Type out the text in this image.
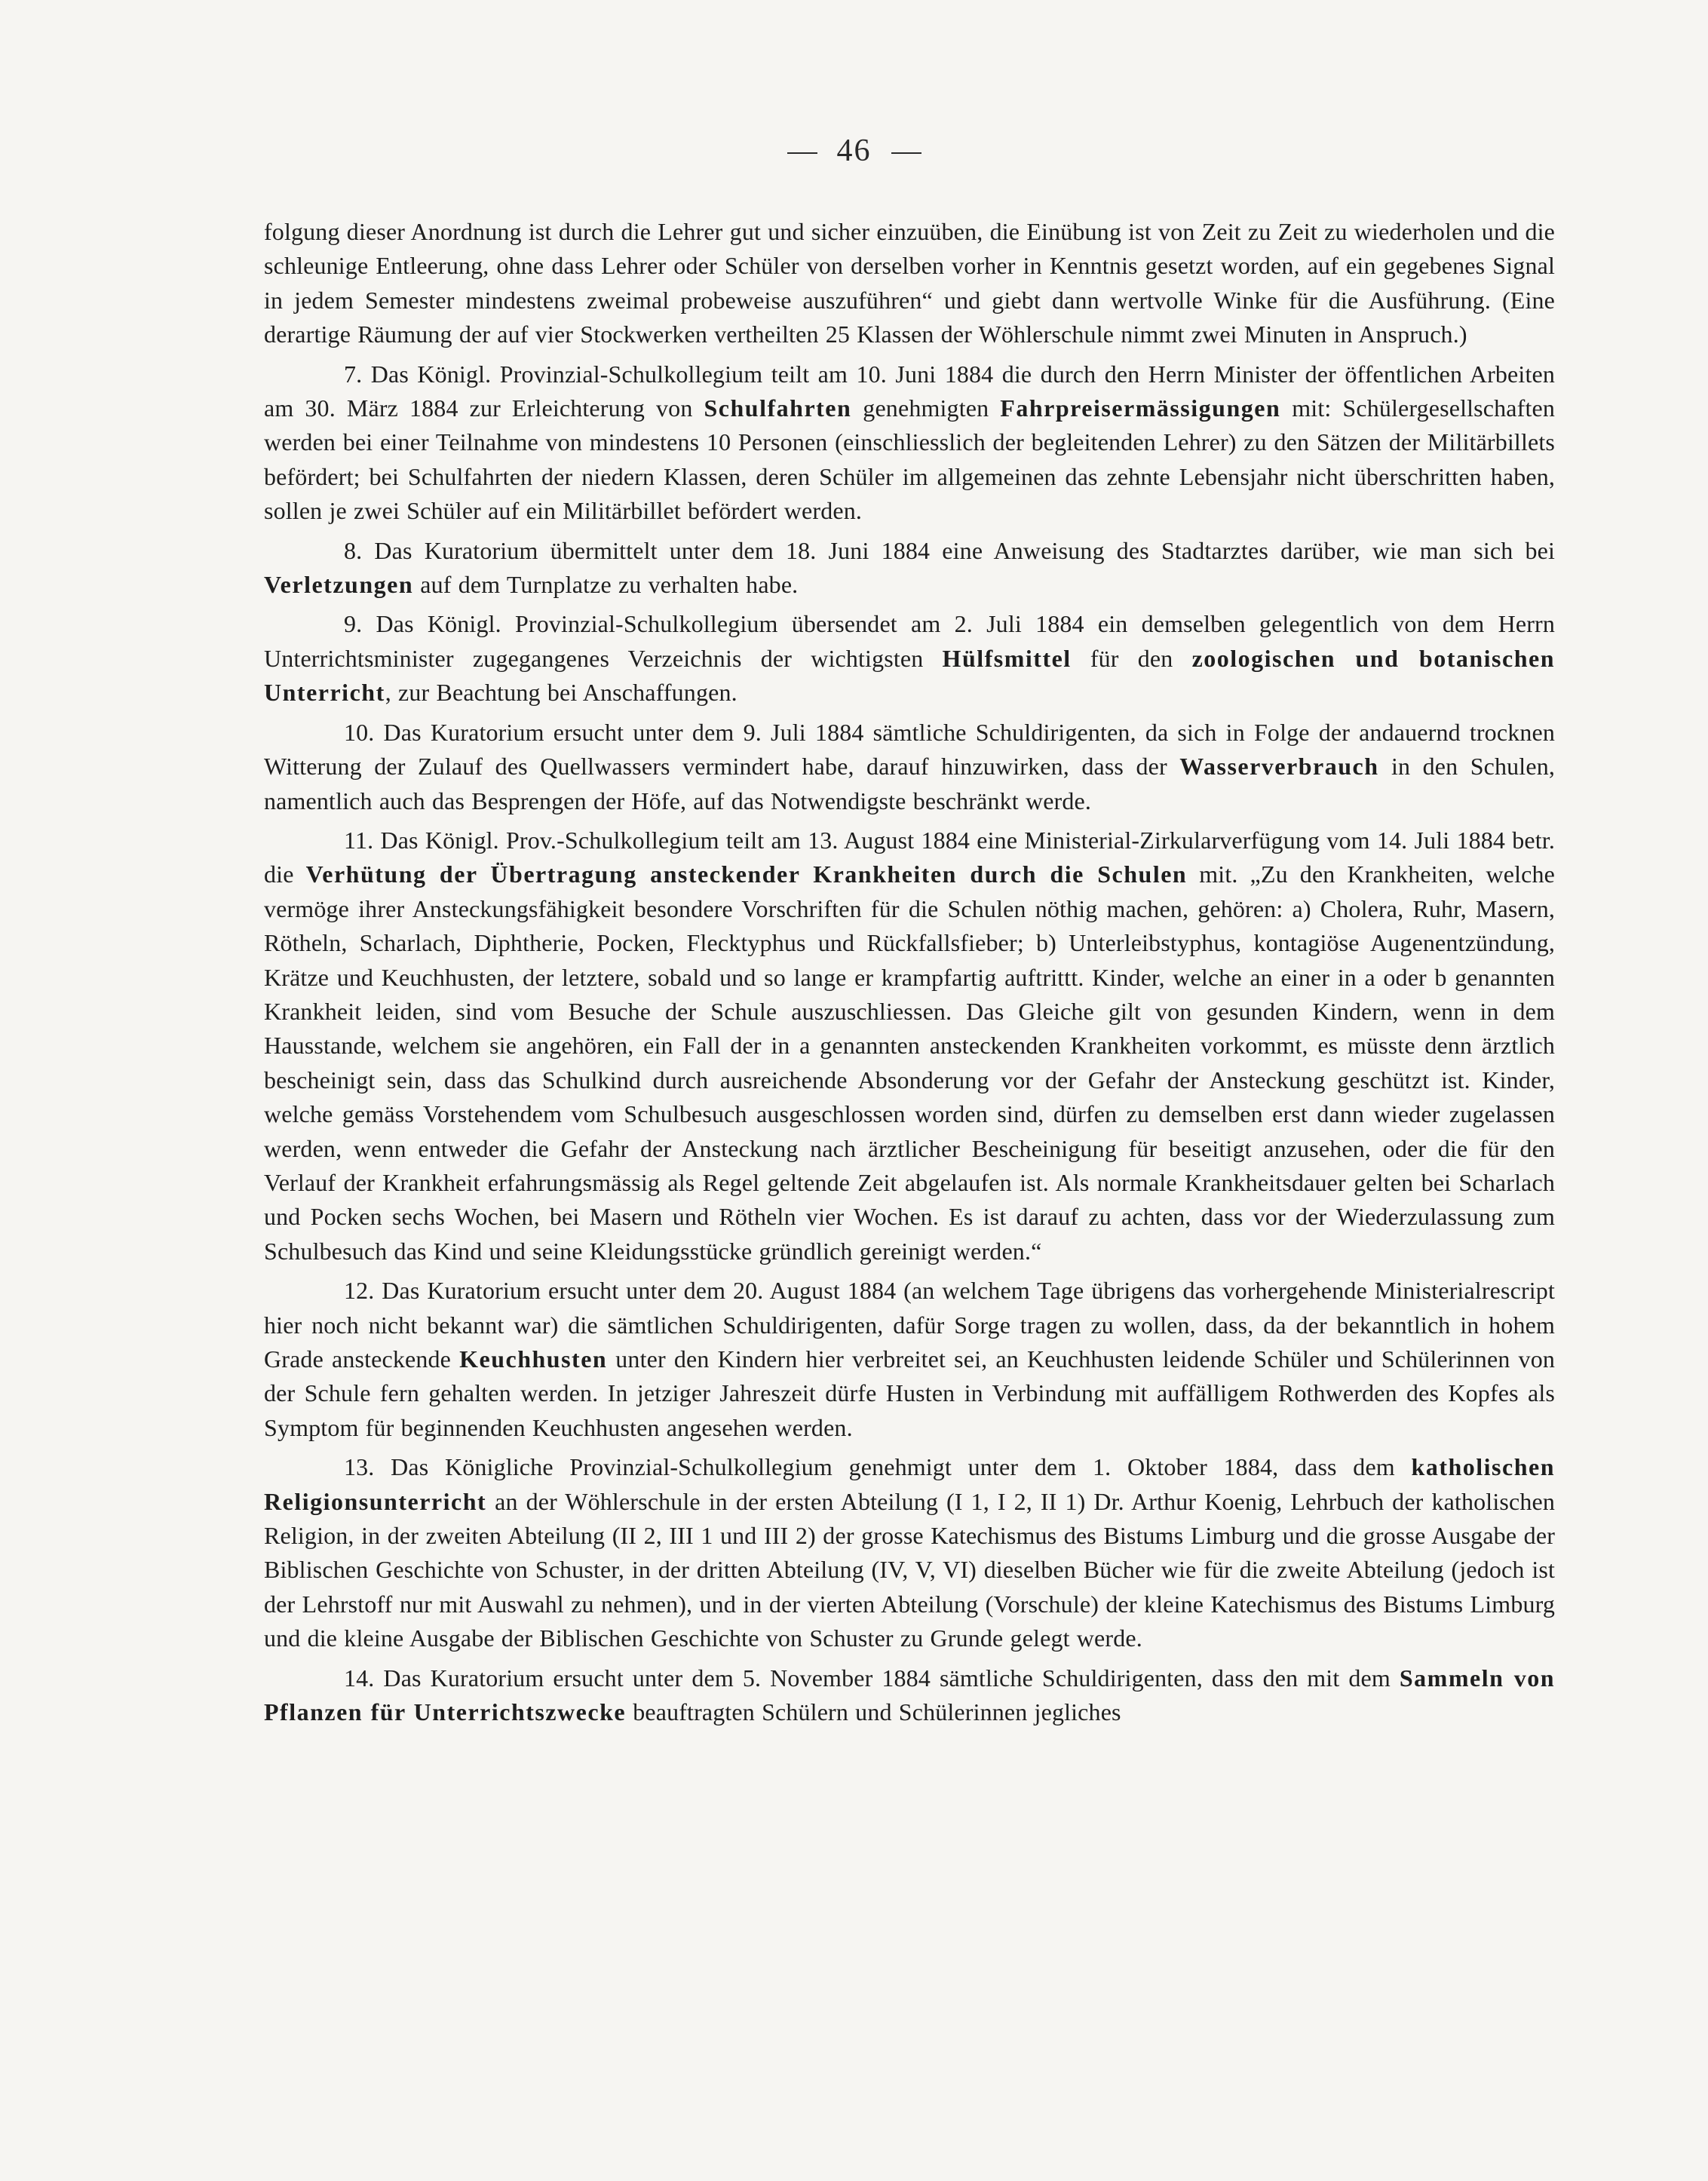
46

folgung dieser Anordnung ist durch die Lehrer gut und sicher einzuüben, die Einübung ist von Zeit zu Zeit zu wiederholen und die schleunige Entleerung, ohne dass Lehrer oder Schüler von derselben vorher in Kenntnis gesetzt worden, auf ein gegebenes Signal in jedem Semester mindestens zweimal probeweise auszuführen“ und giebt dann wertvolle Winke für die Ausführung. (Eine derartige Räumung der auf vier Stockwerken vertheilten 25 Klassen der Wöhlerschule nimmt zwei Minuten in Anspruch.)

7. Das Königl. Provinzial-Schulkollegium teilt am 10. Juni 1884 die durch den Herrn Minister der öffentlichen Arbeiten am 30. März 1884 zur Erleichterung von Schulfahrten genehmigten Fahrpreisermässigungen mit: Schülergesellschaften werden bei einer Teilnahme von mindestens 10 Personen (einschliesslich der begleitenden Lehrer) zu den Sätzen der Militärbillets befördert; bei Schulfahrten der niedern Klassen, deren Schüler im allgemeinen das zehnte Lebensjahr nicht überschritten haben, sollen je zwei Schüler auf ein Militärbillet befördert werden.

8. Das Kuratorium übermittelt unter dem 18. Juni 1884 eine Anweisung des Stadtarztes darüber, wie man sich bei Verletzungen auf dem Turnplatze zu verhalten habe.

9. Das Königl. Provinzial-Schulkollegium übersendet am 2. Juli 1884 ein demselben gelegentlich von dem Herrn Unterrichtsminister zugegangenes Verzeichnis der wichtigsten Hülfsmittel für den zoologischen und botanischen Unterricht, zur Beachtung bei Anschaffungen.

10. Das Kuratorium ersucht unter dem 9. Juli 1884 sämtliche Schuldirigenten, da sich in Folge der andauernd trocknen Witterung der Zulauf des Quellwassers vermindert habe, darauf hinzuwirken, dass der Wasserverbrauch in den Schulen, namentlich auch das Besprengen der Höfe, auf das Notwendigste beschränkt werde.

11. Das Königl. Prov.-Schulkollegium teilt am 13. August 1884 eine Ministerial-Zirkularverfügung vom 14. Juli 1884 betr. die Verhütung der Übertragung ansteckender Krankheiten durch die Schulen mit. „Zu den Krankheiten, welche vermöge ihrer Ansteckungsfähigkeit besondere Vorschriften für die Schulen nöthig machen, gehören: a) Cholera, Ruhr, Masern, Rötheln, Scharlach, Diphtherie, Pocken, Flecktyphus und Rückfallsfieber; b) Unterleibstyphus, kontagiöse Augenentzündung, Krätze und Keuchhusten, der letztere, sobald und so lange er krampfartig auftrittt. Kinder, welche an einer in a oder b genannten Krankheit leiden, sind vom Besuche der Schule auszuschliessen. Das Gleiche gilt von gesunden Kindern, wenn in dem Hausstande, welchem sie angehören, ein Fall der in a genannten ansteckenden Krankheiten vorkommt, es müsste denn ärztlich bescheinigt sein, dass das Schulkind durch ausreichende Absonderung vor der Gefahr der Ansteckung geschützt ist. Kinder, welche gemäss Vorstehendem vom Schulbesuch ausgeschlossen worden sind, dürfen zu demselben erst dann wieder zugelassen werden, wenn entweder die Gefahr der Ansteckung nach ärztlicher Bescheinigung für beseitigt anzusehen, oder die für den Verlauf der Krankheit erfahrungsmässig als Regel geltende Zeit abgelaufen ist. Als normale Krankheitsdauer gelten bei Scharlach und Pocken sechs Wochen, bei Masern und Rötheln vier Wochen. Es ist darauf zu achten, dass vor der Wiederzulassung zum Schulbesuch das Kind und seine Kleidungsstücke gründlich gereinigt werden.“

12. Das Kuratorium ersucht unter dem 20. August 1884 (an welchem Tage übrigens das vorhergehende Ministerialrescript hier noch nicht bekannt war) die sämtlichen Schuldirigenten, dafür Sorge tragen zu wollen, dass, da der bekanntlich in hohem Grade ansteckende Keuchhusten unter den Kindern hier verbreitet sei, an Keuchhusten leidende Schüler und Schülerinnen von der Schule fern gehalten werden. In jetziger Jahreszeit dürfe Husten in Verbindung mit auffälligem Rothwerden des Kopfes als Symptom für beginnenden Keuchhusten angesehen werden.

13. Das Königliche Provinzial-Schulkollegium genehmigt unter dem 1. Oktober 1884, dass dem katholischen Religionsunterricht an der Wöhlerschule in der ersten Abteilung (I 1, I 2, II 1) Dr. Arthur Koenig, Lehrbuch der katholischen Religion, in der zweiten Abteilung (II 2, III 1 und III 2) der grosse Katechismus des Bistums Limburg und die grosse Ausgabe der Biblischen Geschichte von Schuster, in der dritten Abteilung (IV, V, VI) dieselben Bücher wie für die zweite Abteilung (jedoch ist der Lehrstoff nur mit Auswahl zu nehmen), und in der vierten Abteilung (Vorschule) der kleine Katechismus des Bistums Limburg und die kleine Ausgabe der Biblischen Geschichte von Schuster zu Grunde gelegt werde.

14. Das Kuratorium ersucht unter dem 5. November 1884 sämtliche Schuldirigenten, dass den mit dem Sammeln von Pflanzen für Unterrichtszwecke beauftragten Schülern und Schülerinnen jegliches
